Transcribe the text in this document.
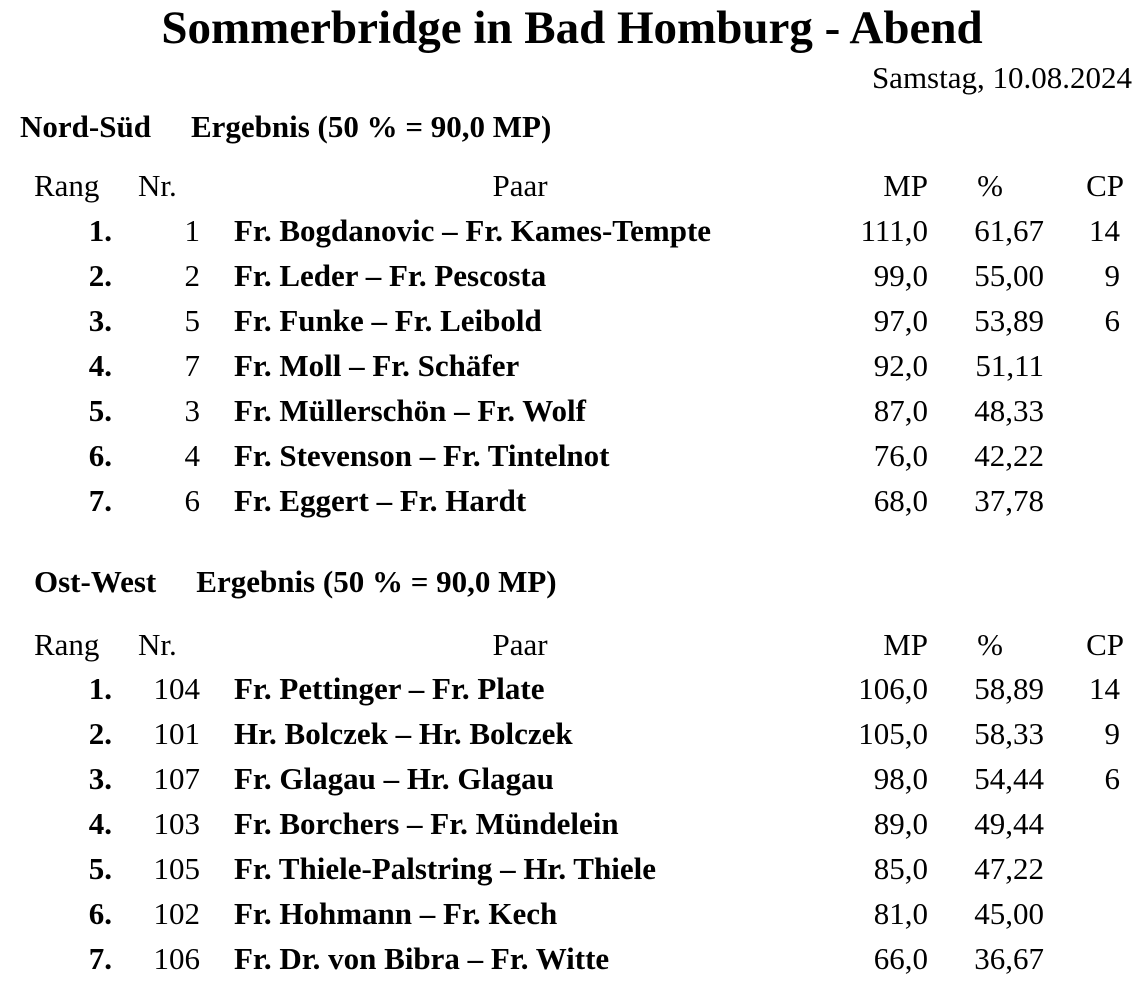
Sommerbridge in Bad Homburg - Abend
Samstag, 10.08.2024
Nord-Süd Ergebnis (50 % = 90,0 MP)
Rang	Nr.	Paar	MP	%	CP
1.	1 Fr. Bogdanovic – Fr. Kames-Tempte	111,0	61,67	14
2.	2 Fr. Leder – Fr. Pescosta	99,0	55,00	9
3.	5 Fr. Funke – Fr. Leibold	97,0	53,89	6
4.	7 Fr. Moll – Fr. Schäfer	92,0	51,11
5.	3 Fr. Müllerschön – Fr. Wolf	87,0	48,33
6.	4 Fr. Stevenson – Fr. Tintelnot	76,0	42,22
7.	6 Fr. Eggert – Fr. Hardt	68,0	37,78
Ost-West Ergebnis (50 % = 90,0 MP)
Rang	Nr.	Paar	MP	%	CP
1.	104 Fr. Pettinger – Fr. Plate	106,0	58,89	14
2.	101 Hr. Bolczek – Hr. Bolczek	105,0	58,33	9
3.	107 Fr. Glagau – Hr. Glagau	98,0	54,44	6
4.	103 Fr. Borchers – Fr. Mündelein	89,0	49,44
5.	105 Fr. Thiele-Palstring – Hr. Thiele	85,0	47,22
6.	102 Fr. Hohmann – Fr. Kech	81,0	45,00
7.	106 Fr. Dr. von Bibra – Fr. Witte	66,0	36,67
